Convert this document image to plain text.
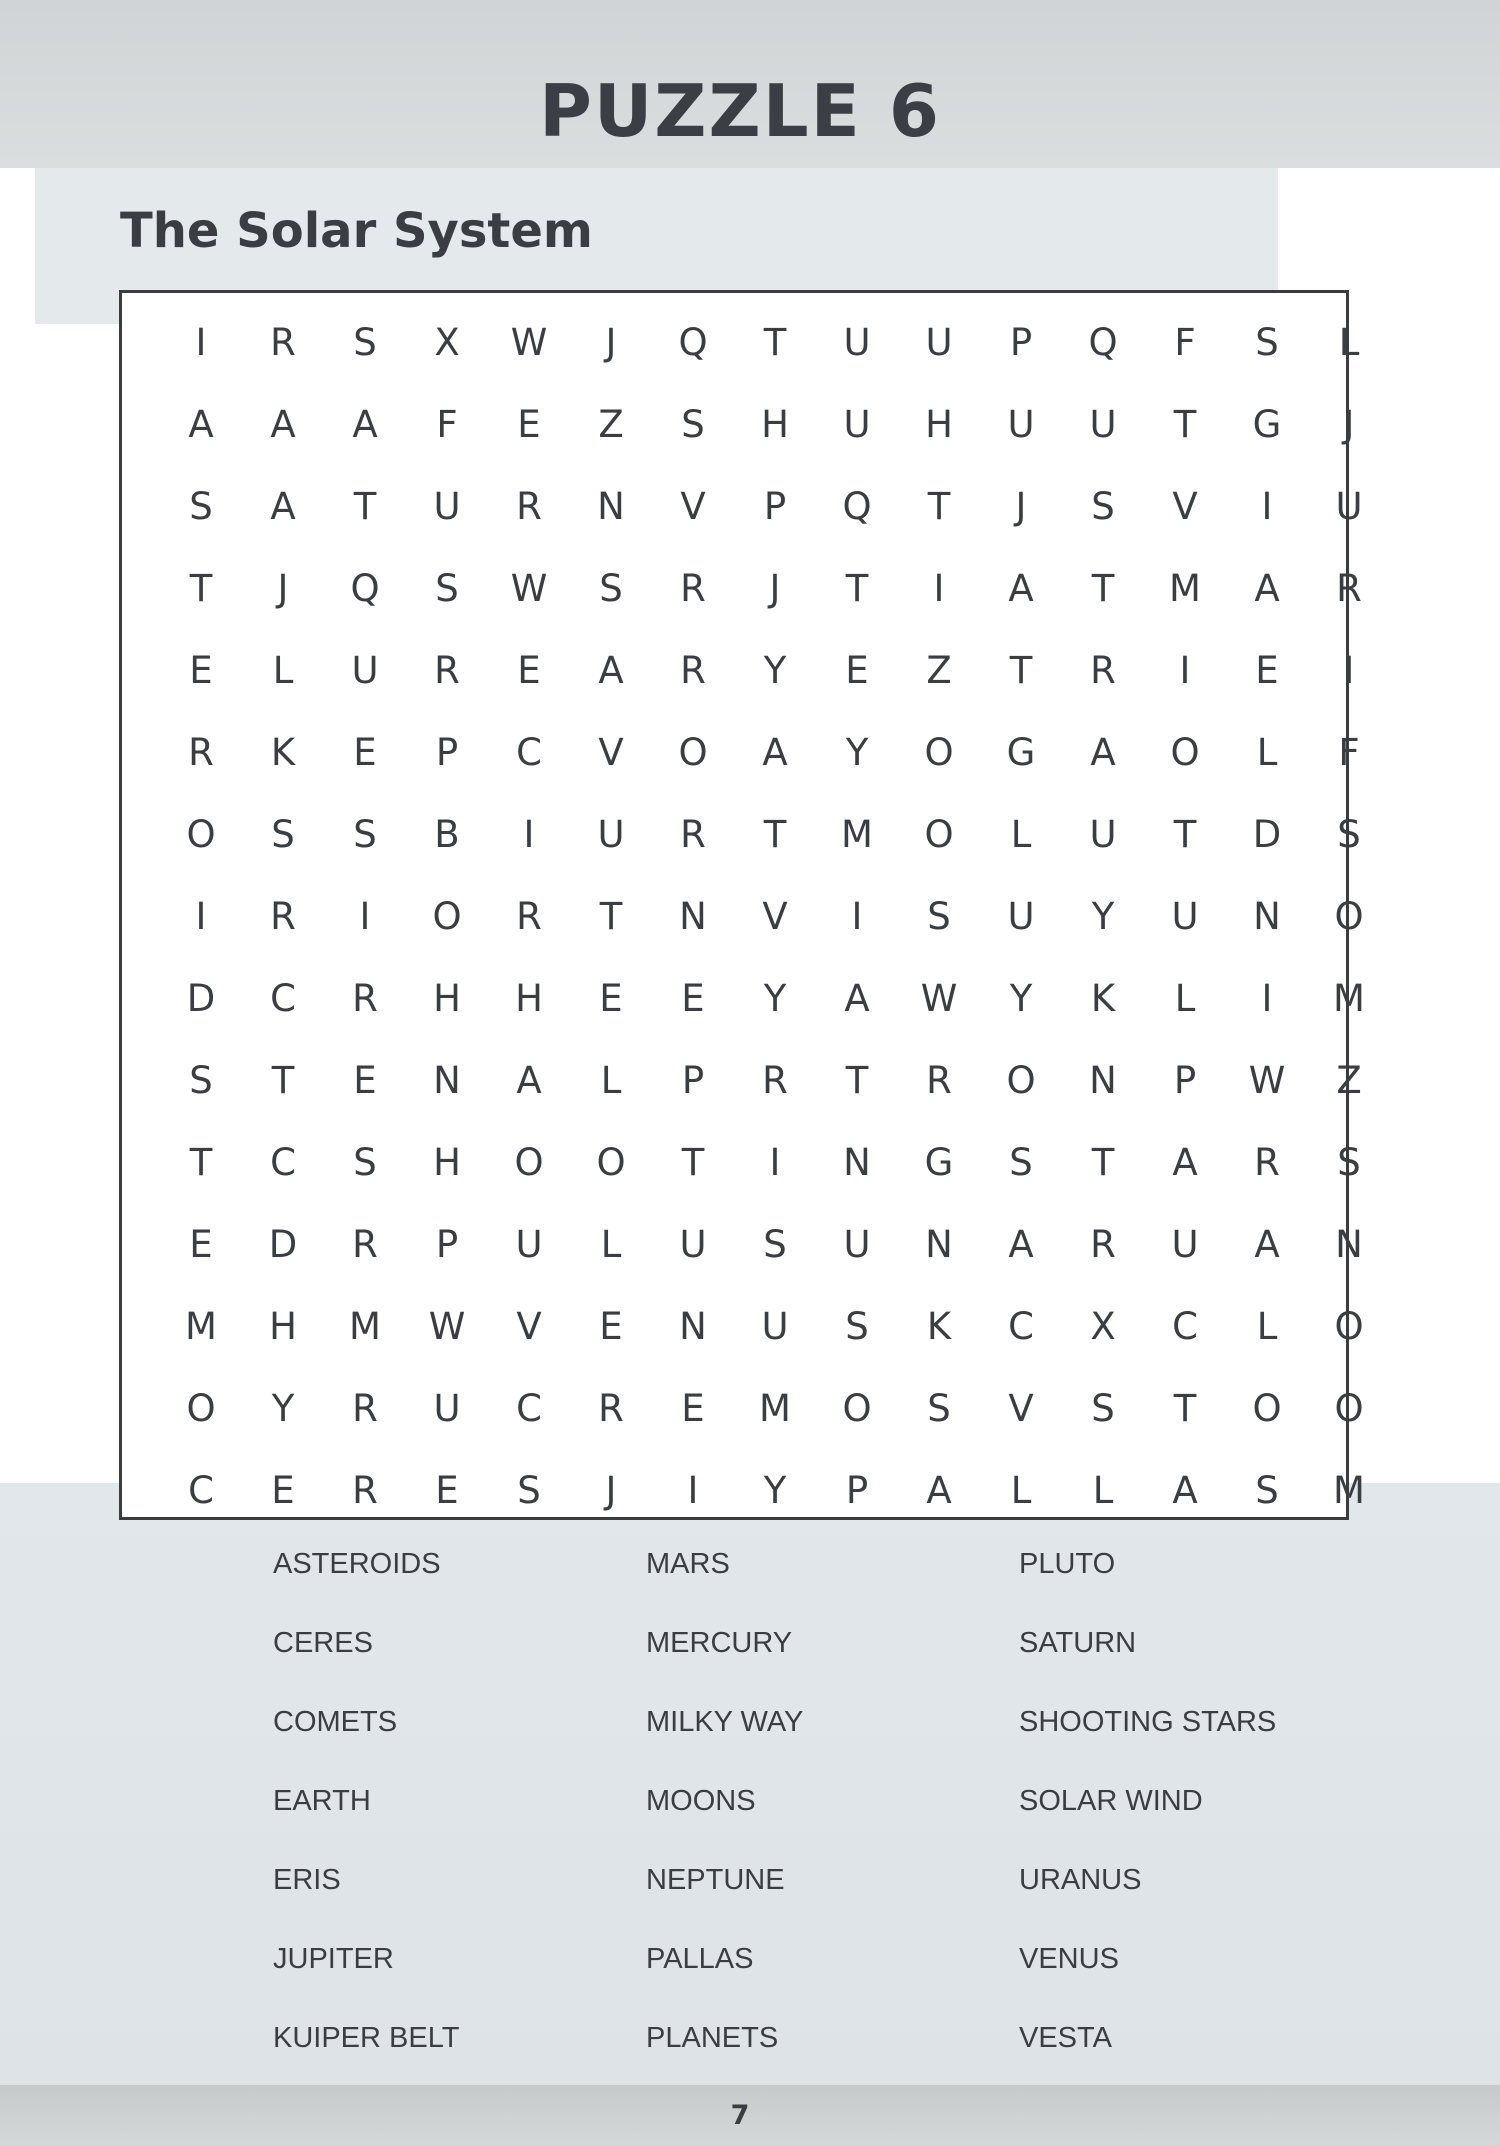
PUZZLE 6
The Solar System
I	R	S	X	W	J	Q	T	U	U	P	Q	F	S	L
A	A	A	F	E	Z	S	H	U	H	U	U	T	G	J
S	A	T	U	R	N	V	P	Q	T	J	S	V	I	U
T	J	Q	S	W	S	R	J	T	I	A	T	M	A	R
E	L	U	R	E	A	R	Y	E	Z	T	R	I	E	I
R	K	E	P	C	V	O	A	Y	O	G	A	O	L	F
O	S	S	B	I	U	R	T	M	O	L	U	T	D	S
I	R	I	O	R	T	N	V	I	S	U	Y	U	N	O
D	C	R	H	H	E	E	Y	A	W	Y	K	L	I	M
S	T	E	N	A	L	P	R	T	R	O	N	P	W	Z
T	C	S	H	O	O	T	I	N	G	S	T	A	R	S
E	D	R	P	U	L	U	S	U	N	A	R	U	A	N
M	H	M	W	V	E	N	U	S	K	C	X	C	L	O
O	Y	R	U	C	R	E	M	O	S	V	S	T	O	O
C	E	R	E	S	J	I	Y	P	A	L	L	A	S	M
ASTEROIDS	MARS	PLUTO
CERES	MERCURY	SATURN
COMETS	MILKY WAY	SHOOTING STARS
EARTH	MOONS	SOLAR WIND
ERIS	NEPTUNE	URANUS
JUPITER	PALLAS	VENUS
KUIPER BELT	PLANETS	VESTA
7
